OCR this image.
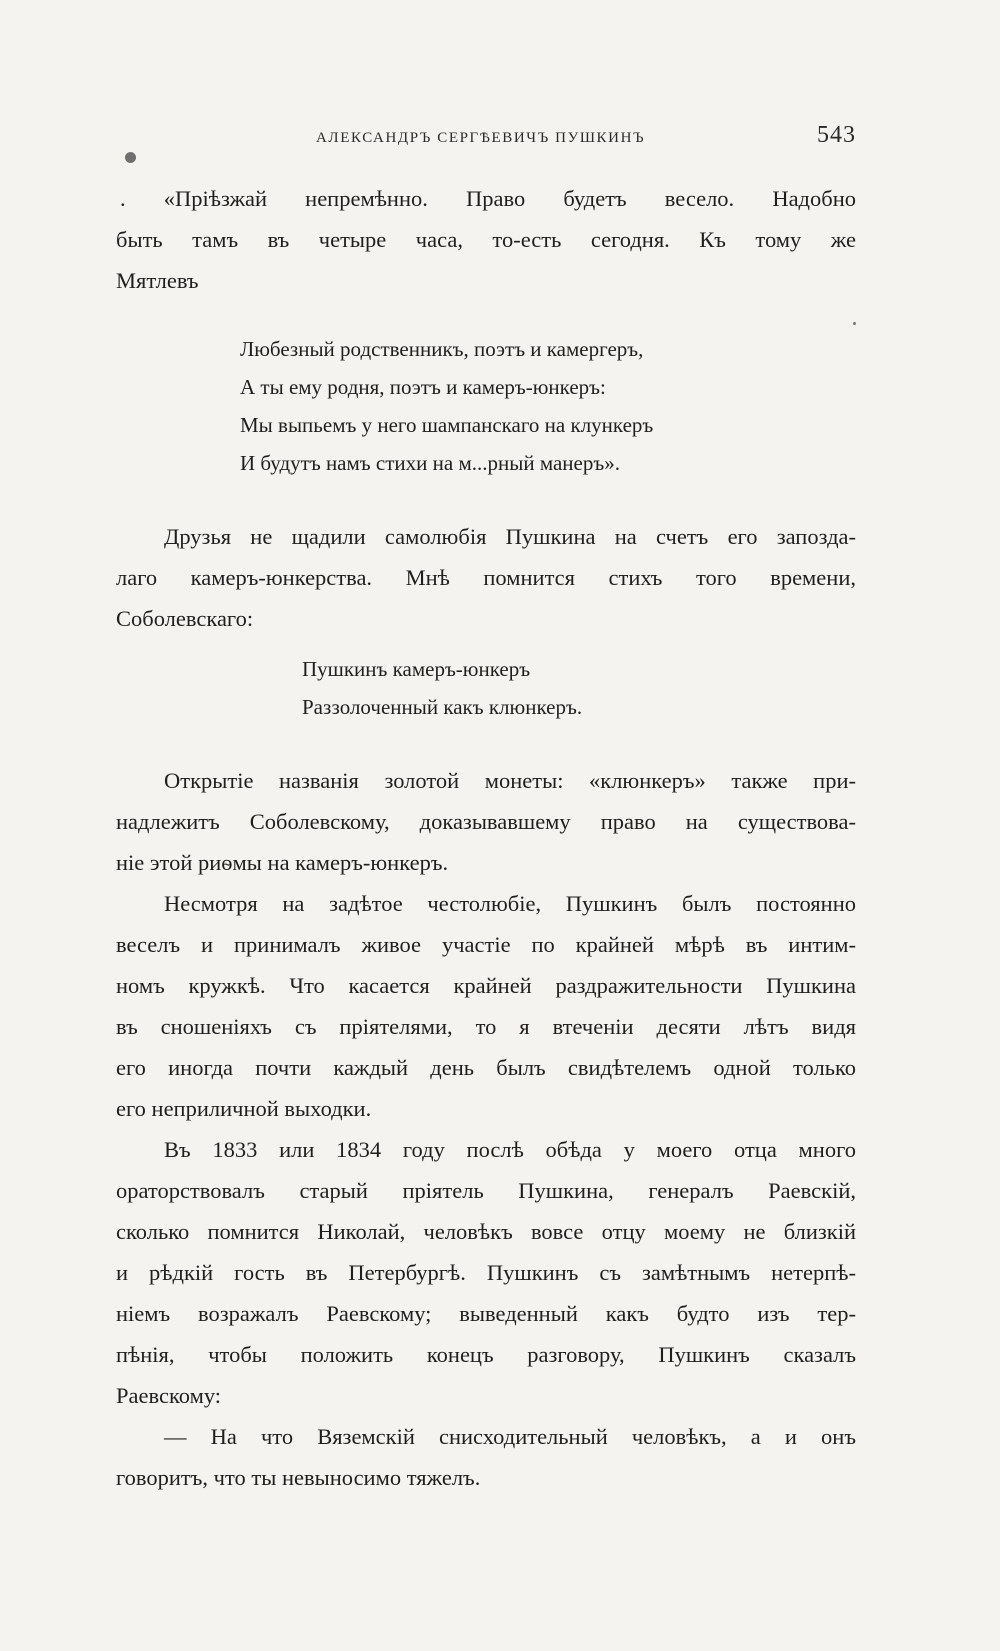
АЛЕКСАНДРЪ СЕРГѢЕВИЧЪ ПУШКИНЪ	543
. «Пріѣзжай непремѣнно. Право будетъ весело. Надобно
быть тамъ въ четыре часа, то-есть сегодня. Къ тому же
Мятлевъ
Любезный родственникъ, поэтъ и камергеръ,
А ты ему родня, поэтъ и камеръ-юнкеръ:
Мы выпьемъ у него шампанскаго на клункеръ
И будутъ намъ стихи на м...рный манеръ».
Друзья не щадили самолюбія Пушкина на счетъ его запозда-
лаго камеръ-юнкерства. Мнѣ помнится стихъ того времени,
Соболевскаго:
Пушкинъ камеръ-юнкеръ
Раззолоченный какъ клюнкеръ.
Открытіе названія золотой монеты: «клюнкеръ» также при-
надлежитъ Соболевскому, доказывавшему право на существова-
ніе этой риѳмы на камеръ-юнкеръ.
Несмотря на задѣтое честолюбіе, Пушкинъ былъ постоянно
веселъ и принималъ живое участіе по крайней мѣрѣ въ интим-
номъ кружкѣ. Что касается крайней раздражительности Пушкина
въ сношеніяхъ съ пріятелями, то я втеченіи десяти лѣтъ видя
его иногда почти каждый день былъ свидѣтелемъ одной только
его неприличной выходки.
Въ 1833 или 1834 году послѣ обѣда у моего отца много
ораторствовалъ старый пріятель Пушкина, генералъ Раевскій,
сколько помнится Николай, человѣкъ вовсе отцу моему не близкій
и рѣдкій гость въ Петербургѣ. Пушкинъ съ замѣтнымъ нетерпѣ-
ніемъ возражалъ Раевскому; выведенный какъ будто изъ тер-
пѣнія, чтобы положить конецъ разговору, Пушкинъ сказалъ
Раевскому:
— На что Вяземскій снисходительный человѣкъ, а и онъ
говоритъ, что ты невыносимо тяжелъ.
